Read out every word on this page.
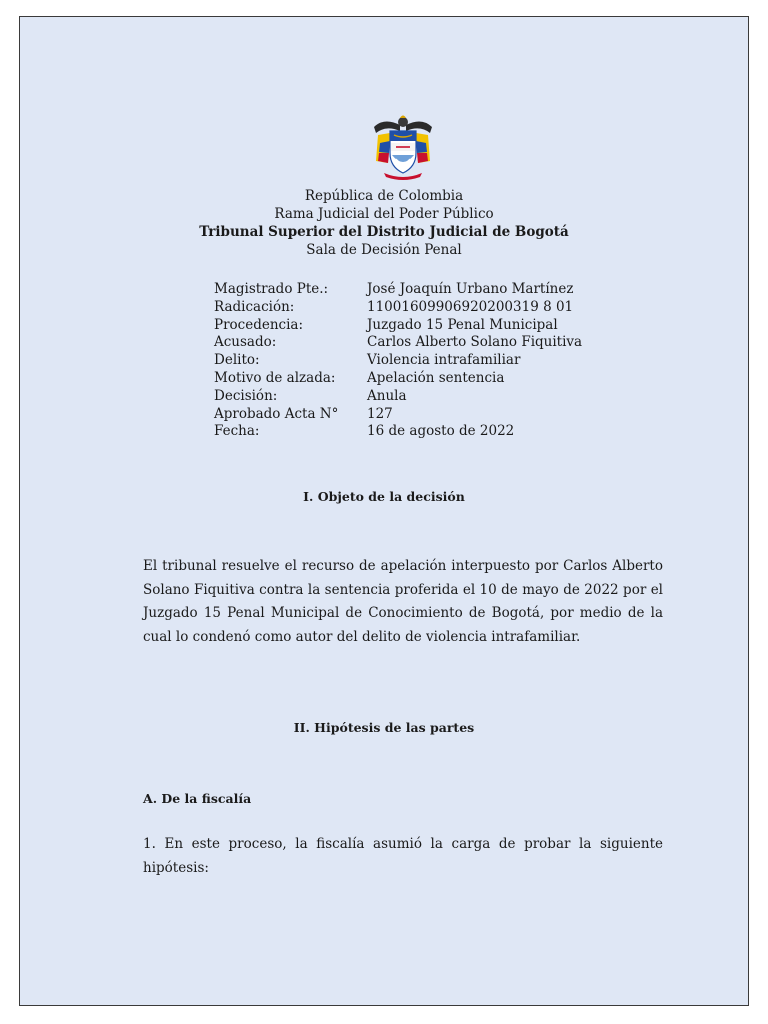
República de Colombia
Rama Judicial del Poder Público
Tribunal Superior del Distrito Judicial de Bogotá
Sala de Decisión Penal
Magistrado Pte.:	José Joaquín Urbano Martínez
Radicación:	11001609906920200319 8 01
Procedencia:	Juzgado 15 Penal Municipal
Acusado:	Carlos Alberto Solano Fiquitiva
Delito:	Violencia intrafamiliar
Motivo de alzada:	Apelación sentencia
Decisión:	Anula
Aprobado Acta N°	127
Fecha:	16 de agosto de 2022
I. Objeto de la decisión
El tribunal resuelve el recurso de apelación interpuesto por Carlos Alberto Solano Fiquitiva contra la sentencia proferida el 10 de mayo de 2022 por el Juzgado 15 Penal Municipal de Conocimiento de Bogotá, por medio de la cual lo condenó como autor del delito de violencia intrafamiliar.
II. Hipótesis de las partes
A. De la fiscalía
1. En este proceso, la fiscalía asumió la carga de probar la siguiente hipótesis:
